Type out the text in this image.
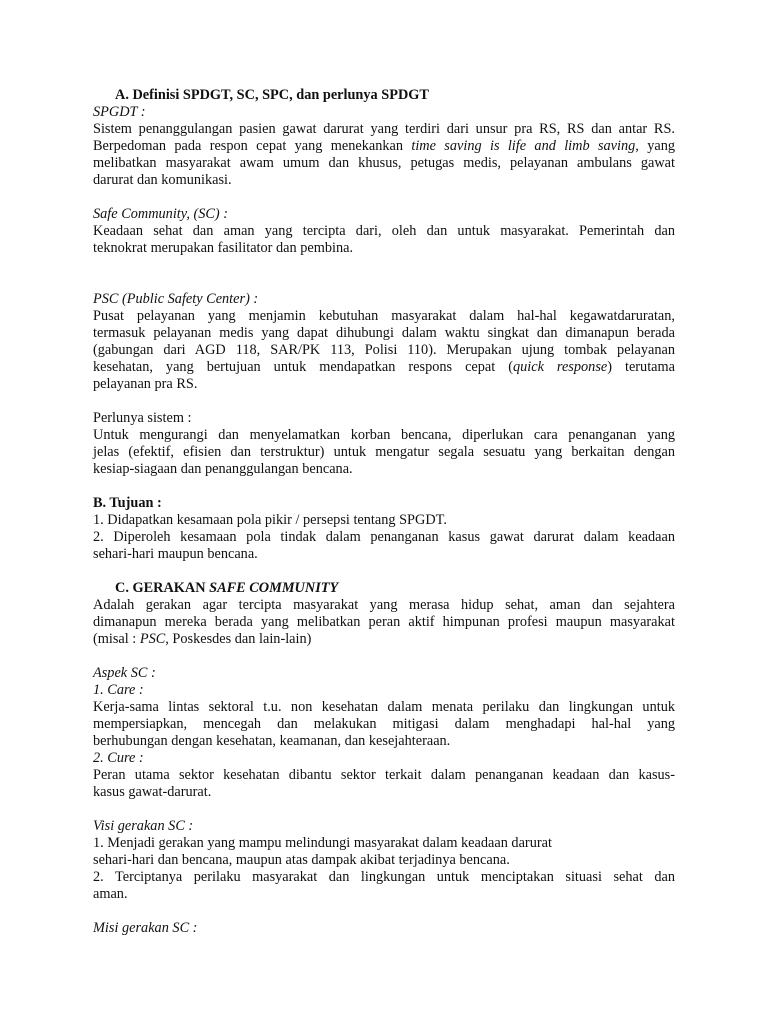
A. Definisi SPDGT, SC, SPC, dan perlunya SPDGT

SPGDT :

Sistem penanggulangan pasien gawat darurat yang terdiri dari unsur pra RS, RS dan antar RS.

Berpedoman pada respon cepat yang menekankan time saving is life and limb saving, yang

melibatkan masyarakat awam umum dan khusus, petugas medis, pelayanan ambulans gawat

darurat dan komunikasi.

Safe Community, (SC) :

Keadaan sehat dan aman yang tercipta dari, oleh dan untuk masyarakat. Pemerintah dan

teknokrat merupakan fasilitator dan pembina.

PSC (Public Safety Center) :

Pusat pelayanan yang menjamin kebutuhan masyarakat dalam hal-hal kegawatdaruratan,

termasuk pelayanan medis yang dapat dihubungi dalam waktu singkat dan dimanapun berada

(gabungan dari AGD 118, SAR/PK 113, Polisi 110). Merupakan ujung tombak pelayanan

kesehatan, yang bertujuan untuk mendapatkan respons cepat (quick response) terutama

pelayanan pra RS.

Perlunya sistem :

Untuk mengurangi dan menyelamatkan korban bencana, diperlukan cara penanganan yang

jelas (efektif, efisien dan terstruktur) untuk mengatur segala sesuatu yang berkaitan dengan

kesiap-siagaan dan penanggulangan bencana.

B. Tujuan :

1. Didapatkan kesamaan pola pikir / persepsi tentang SPGDT.

2. Diperoleh kesamaan pola tindak dalam penanganan kasus gawat darurat dalam keadaan

sehari-hari maupun bencana.

C. GERAKAN SAFE COMMUNITY

Adalah gerakan agar tercipta masyarakat yang merasa hidup sehat, aman dan sejahtera

dimanapun mereka berada yang melibatkan peran aktif himpunan profesi maupun masyarakat

(misal : PSC, Poskesdes dan lain-lain)

Aspek SC :

1. Care :

Kerja-sama lintas sektoral t.u. non kesehatan dalam menata perilaku dan lingkungan untuk

mempersiapkan, mencegah dan melakukan mitigasi dalam menghadapi hal-hal yang

berhubungan dengan kesehatan, keamanan, dan kesejahteraan.

2. Cure :

Peran utama sektor kesehatan dibantu sektor terkait dalam penanganan keadaan dan kasus-

kasus gawat-darurat.

Visi gerakan SC :

1. Menjadi gerakan yang mampu melindungi masyarakat dalam keadaan darurat

sehari-hari dan bencana, maupun atas dampak akibat terjadinya bencana.

2. Terciptanya perilaku masyarakat dan lingkungan untuk menciptakan situasi sehat dan

aman.

Misi gerakan SC :
